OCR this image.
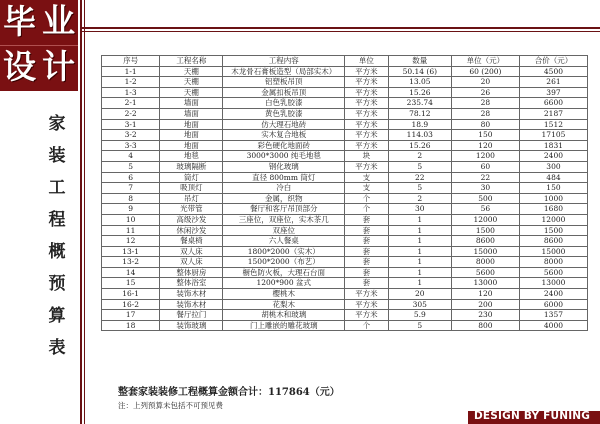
毕 业
设 计
家
装
工
程
概
预
算
表
序号	工程名称	工程内容	单位	数量	单位（元）	合价（元）
1-1	天棚	木龙骨石膏板造型（局部实木）	平方米	50.14 (6)	60 (200)	4500
1-2	天棚	铝塑板吊顶	平方米	13.05	20	261
1-3	天棚	金属扣板吊顶	平方米	15.26	26	397
2-1	墙面	白色乳胶漆	平方米	235.74	28	6600
2-2	墙面	黄色乳胶漆	平方米	78.12	28	2187
3-1	地面	仿大理石地砖	平方米	18.9	80	1512
3-2	地面	实木复合地板	平方米	114.03	150	17105
3-3	地面	彩色硬化地面砖	平方米	15.26	120	1831
4	地毯	3000*3000 纯毛地毯	块	2	1200	2400
5	玻璃隔断	钢化玻璃	平方米	5	60	300
6	筒灯	直径 800mm 筒灯	支	22	22	484
7	吸顶灯	冷白	支	5	30	150
8	吊灯	金属，织物	个	2	500	1000
9	光带管	餐厅和客厅吊顶部分	个	30	56	1680
10	高级沙发	三座位，双座位，实木茶几	套	1	12000	12000
11	休闲沙发	双座位	套	1	1500	1500
12	餐桌椅	六人餐桌	套	1	8600	8600
13-1	双人床	1800*2000（实木）	套	1	15000	15000
13-2	双人床	1500*2000（布艺）	套	1	8000	8000
14	整体厨房	橱色防火板，大理石台面	套	1	5600	5600
15	整体浴室	1200*900 盆式	套	1	13000	13000
16-1	装饰木材	樱桃木	平方米	20	120	2400
16-2	装饰木材	花梨木	平方米	305	200	6000
17	餐厅拉门	胡桃木和玻璃	平方米	5.9	230	1357
18	装饰玻璃	门上雕嵌的雕花玻璃	个	5	800	4000
整套家装装修工程概算金额合计：117864（元）
注：上列预算未包括不可预见费
DESIGN BY FUNING
